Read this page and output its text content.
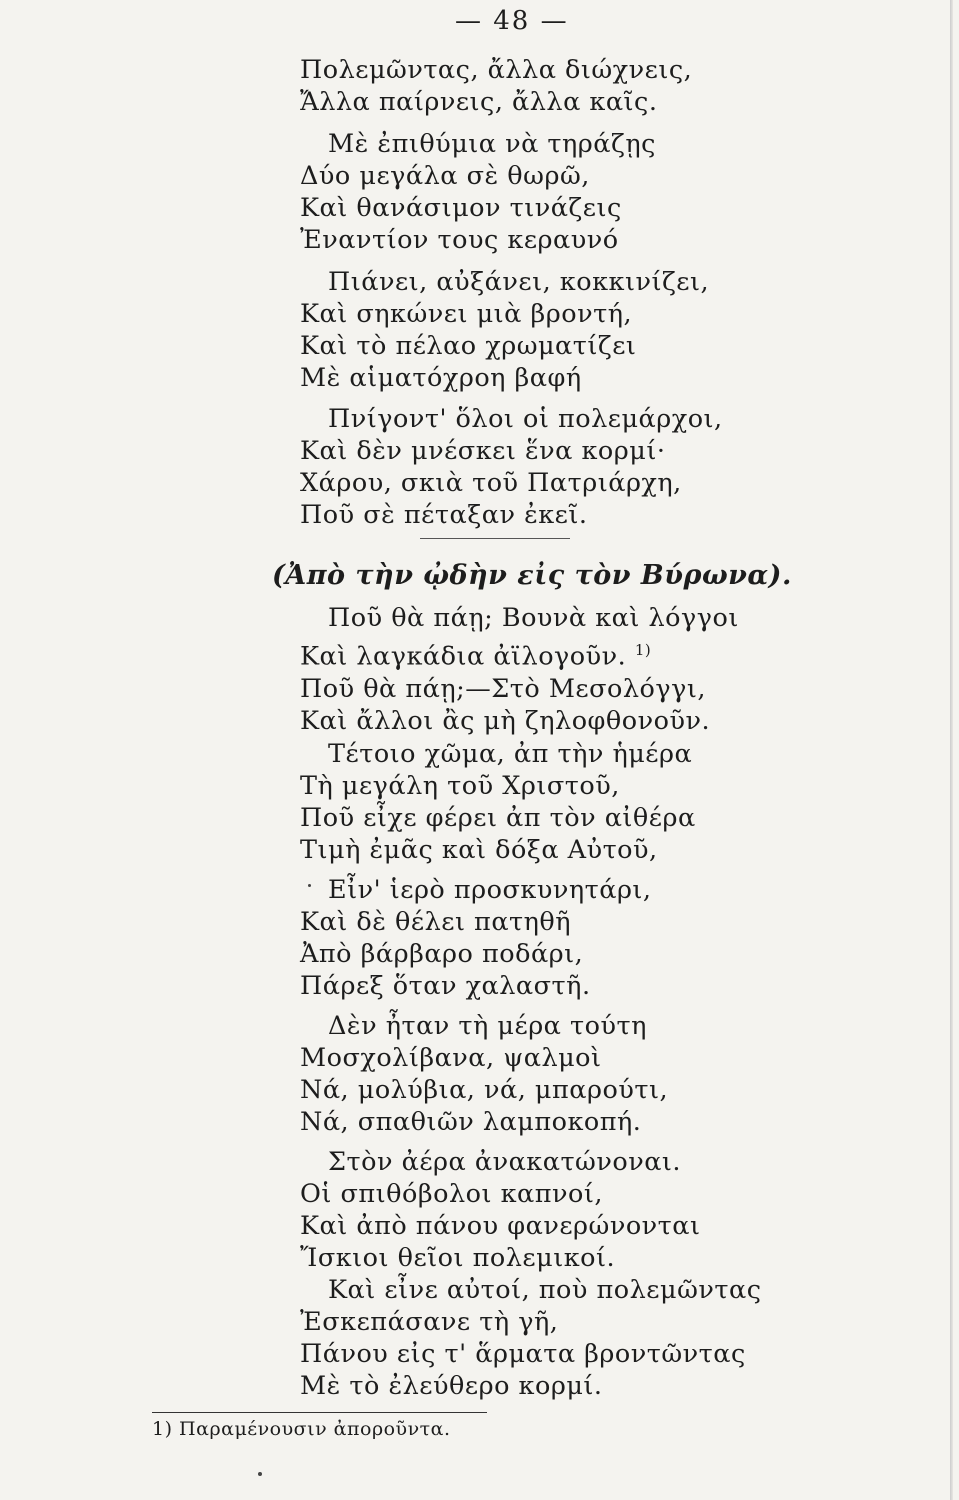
— 48 —
Πολεμῶντας, ἄλλα διώχνεις,
Ἄλλα παίρνεις, ἄλλα καῖς.
Μὲ ἐπιθύμια νὰ τηράζῃς
Δύο μεγάλα σὲ θωρῶ,
Καὶ θανάσιμον τινάζεις
Ἐναντίον τους κεραυνό
Πιάνει, αὐξάνει, κοκκινίζει,
Καὶ σηκώνει μιὰ βροντή,
Καὶ τὸ πέλαο χρωματίζει
Μὲ αἱματόχροη βαφή
Πνίγοντ' ὅλοι οἱ πολεμάρχοι,
Καὶ δὲν μνέσκει ἕνα κορμί·
Χάρου, σκιὰ τοῦ Πατριάρχη,
Ποῦ σὲ πέταξαν ἐκεῖ.
(Ἀπὸ τὴν ᾠδὴν εἰς τὸν Βύρωνα).
Ποῦ θὰ πάῃ; Βουνὰ καὶ λόγγοι
Καὶ λαγκάδια ἀϊλογοῦν. $^{1)}$
Ποῦ θὰ πάῃ;—Στὸ Μεσολόγγι,
Καὶ ἄλλοι ἂς μὴ ζηλοφθονοῦν.
Τέτοιο χῶμα, ἀπ τὴν ἡμέρα
Τὴ μεγάλη τοῦ Χριστοῦ,
Ποῦ εἶχε φέρει ἀπ τὸν αἰθέρα
Τιμὴ ἐμᾶς καὶ δόξα Αὐτοῦ,
Εἶν' ἱερὸ προσκυνητάρι,
Καὶ δὲ θέλει πατηθῆ
Ἀπὸ βάρβαρο ποδάρι,
Πάρεξ ὅταν χαλαστῆ.
Δὲν ἦταν τὴ μέρα τούτη
Μοσχολίβανα, ψαλμοὶ
Νά, μολύβια, νά, μπαρούτι,
Νά, σπαθιῶν λαμποκοπή.
Στὸν ἀέρα ἀνακατώνοναι.
Οἱ σπιθόβολοι καπνοί,
Καὶ ἀπὸ πάνου φανερώνονται
Ἴσκιοι θεῖοι πολεμικοί.
Καὶ εἶνε αὐτοί, ποὺ πολεμῶντας
Ἐσκεπάσανε τὴ γῆ,
Πάνου εἰς τ' ἅρματα βροντῶντας
Μὲ τὸ ἐλεύθερο κορμί.
1) Παραμένουσιν ἀπορoῦντα.
